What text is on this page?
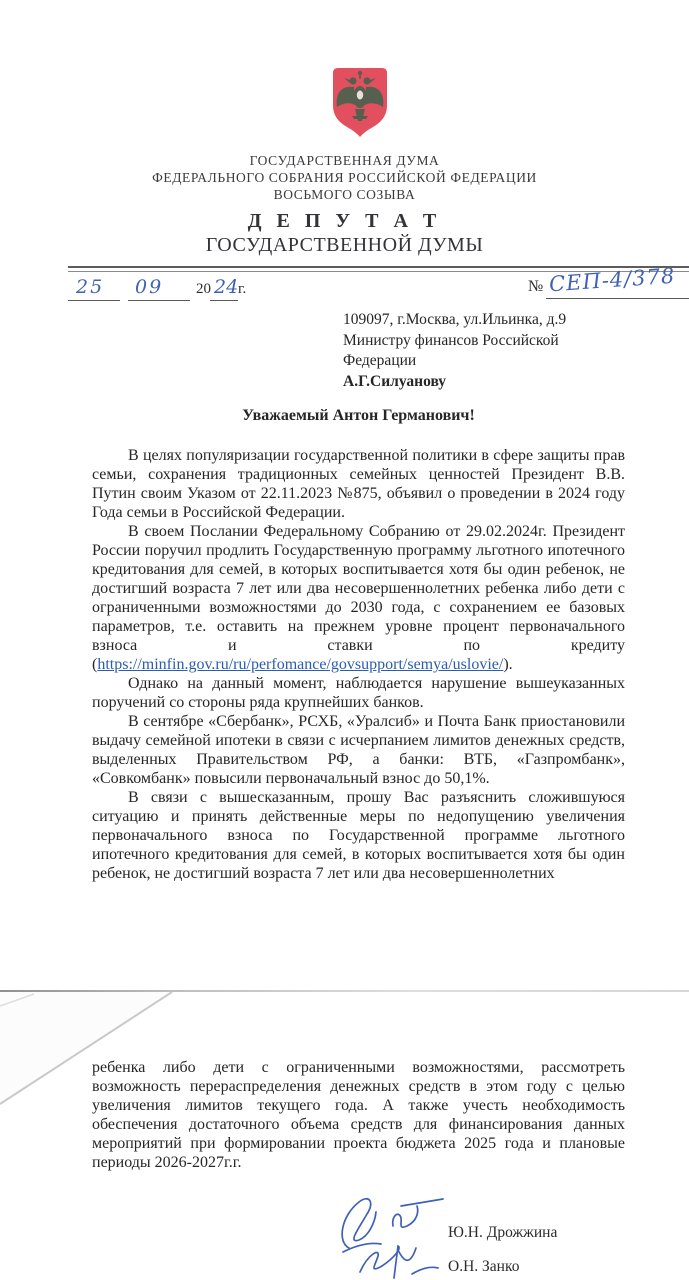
ГОСУДАРСТВЕННАЯ ДУМА
ФЕДЕРАЛЬНОГО СОБРАНИЯ РОССИЙСКОЙ ФЕДЕРАЦИИ
ВОСЬМОГО СОЗЫВА
Д Е П У Т А Т
ГОСУДАРСТВЕННОЙ ДУМЫ
25 09 20 24 г.	№ СЕП-4/378
109097, г.Москва, ул.Ильинка, д.9
Министру финансов Российской
Федерации
А.Г.Силуанову
Уважаемый Антон Германович!

В целях популяризации государственной политики в сфере защиты прав семьи, сохранения традиционных семейных ценностей Президент В.В. Путин своим Указом от 22.11.2023 №875, объявил о проведении в 2024 году Года семьи в Российской Федерации.

В своем Послании Федеральному Собранию от 29.02.2024г. Президент России поручил продлить Государственную программу льготного ипотечного кредитования для семей, в которых воспитывается хотя бы один ребенок, не достигший возраста 7 лет или два несовершеннолетних ребенка либо дети с ограниченными возможностями до 2030 года, с сохранением ее базовых параметров, т.е. оставить на прежнем уровне процент первоначального взноса и ставки по кредиту (https://minfin.gov.ru/ru/perfomance/govsupport/semya/uslovie/).

Однако на данный момент, наблюдается нарушение вышеуказанных поручений со стороны ряда крупнейших банков.

В сентябре «Сбербанк», РСХБ, «Уралсиб» и Почта Банк приостановили выдачу семейной ипотеки в связи с исчерпанием лимитов денежных средств, выделенных Правительством РФ, а банки: ВТБ, «Газпромбанк», «Совкомбанк» повысили первоначальный взнос до 50,1%.

В связи с вышесказанным, прошу Вас разъяснить сложившуюся ситуацию и принять действенные меры по недопущению увеличения первоначального взноса по Государственной программе льготного ипотечного кредитования для семей, в которых воспитывается хотя бы один ребенок, не достигший возраста 7 лет или два несовершеннолетних

ребенка либо дети с ограниченными возможностями, рассмотреть возможность перераспределения денежных средств в этом году с целью увеличения лимитов текущего года. А также учесть необходимость обеспечения достаточного объема средств для финансирования данных мероприятий при формировании проекта бюджета 2025 года и плановые периоды 2026-2027г.г.

Ю.Н. Дрожжина
О.Н. Занко
